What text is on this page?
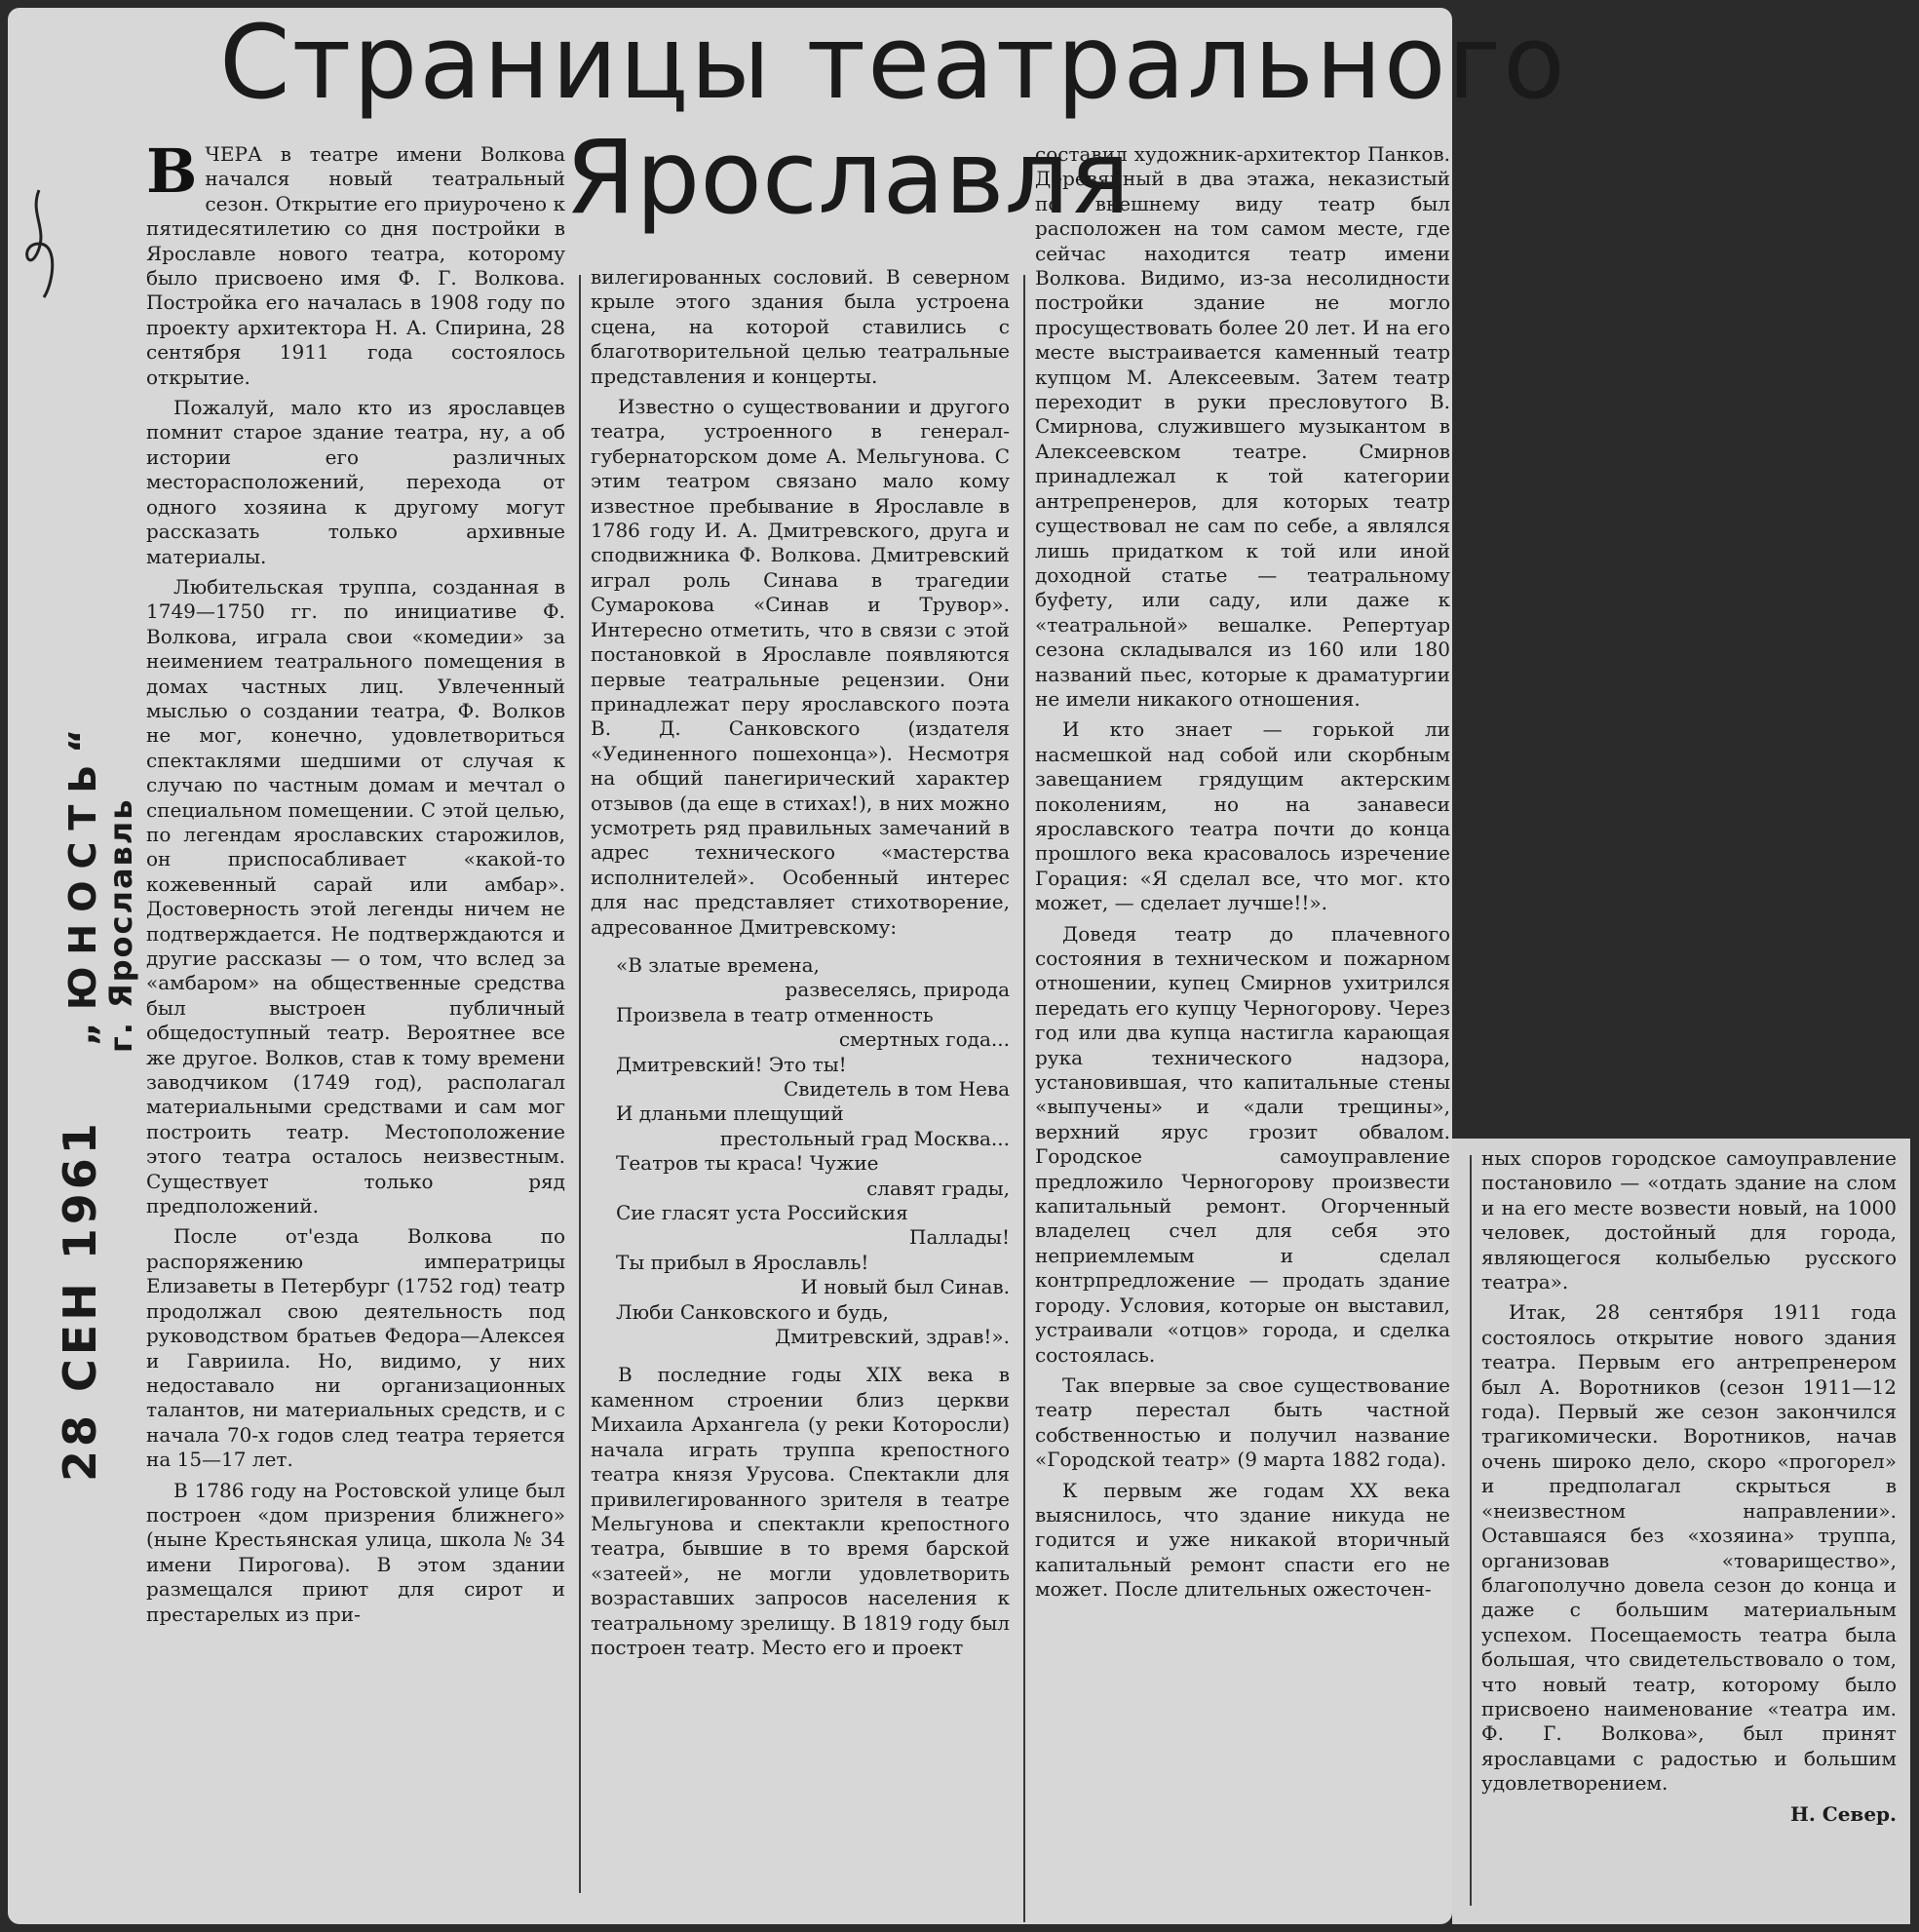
Страницы театрального
Ярославля
28 СЕН 1961 „ЮНОСТЬ“
г. Ярославль

ВЧЕРА в театре имени Волкова начался новый театральный сезон. Открытие его приурочено к пятидесятилетию со дня постройки в Ярославле нового театра, которому было присвоено имя Ф. Г. Волкова. Постройка его началась в 1908 году по проекту архитектора Н. А. Спирина, 28 сентября 1911 года состоялось открытие.

Пожалуй, мало кто из ярославцев помнит старое здание театра, ну, а об истории его различных месторасположений, перехода от одного хозяина к другому могут рассказать только архивные материалы.

Любительская труппа, созданная в 1749—1750 гг. по инициативе Ф. Волкова, играла свои «комедии» за неимением театрального помещения в домах частных лиц. Увлеченный мыслью о создании театра, Ф. Волков не мог, конечно, удовлетвориться спектаклями шедшими от случая к случаю по частным домам и мечтал о специальном помещении. С этой целью, по легендам ярославских старожилов, он приспосабливает «какой-то кожевенный сарай или амбар». Достоверность этой легенды ничем не подтверждается. Не подтверждаются и другие рассказы — о том, что вслед за «амбаром» на общественные средства был выстроен публичный общедоступный театр. Вероятнее все же другое. Волков, став к тому времени заводчиком (1749 год), располагал материальными средствами и сам мог построить театр. Местоположение этого театра осталось неизвестным. Существует только ряд предположений.

После от'езда Волкова по распоряжению императрицы Елизаветы в Петербург (1752 год) театр продолжал свою деятельность под руководством братьев Федора—Алексея и Гавриила. Но, видимо, у них недоставало ни организационных талантов, ни материальных средств, и с начала 70-х годов след театра теряется на 15—17 лет.

В 1786 году на Ростовской улице был построен «дом призрения ближнего» (ныне Крестьянская улица, школа № 34 имени Пирогова). В этом здании размещался приют для сирот и престарелых из при-

вилегированных сословий. В северном крыле этого здания была устроена сцена, на которой ставились с благотворительной целью театральные представления и концерты.

Известно о существовании и другого театра, устроенного в генерал-губернаторском доме А. Мельгунова. С этим театром связано мало кому известное пребывание в Ярославле в 1786 году И. А. Дмитревского, друга и сподвижника Ф. Волкова. Дмитревский играл роль Синава в трагедии Сумарокова «Синав и Трувор». Интересно отметить, что в связи с этой постановкой в Ярославле появляются первые театральные рецензии. Они принадлежат перу ярославского поэта В. Д. Санковского (издателя «Уединенного пошехонца»). Несмотря на общий панегирический характер отзывов (да еще в стихах!), в них можно усмотреть ряд правильных замечаний в адрес технического «мастерства исполнителей». Особенный интерес для нас представляет стихотворение, адресованное Дмитревскому:

«В златые времена,
развеселясь, природа
Произвела в театр отменность
смертных года...
Дмитревский! Это ты!
Свидетель в том Нева
И дланьми плещущий
престольный град Москва...
Театров ты краса! Чужие
славят грады,
Сие гласят уста Российския
Паллады!
Ты прибыл в Ярославль!
И новый был Синав.
Люби Санковского и будь,
Дмитревский, здрав!».

В последние годы XIX века в каменном строении близ церкви Михаила Архангела (у реки Которосли) начала играть труппа крепостного театра князя Урусова. Спектакли для привилегированного зрителя в театре Мельгунова и спектакли крепостного театра, бывшие в то время барской «затеей», не могли удовлетворить возраставших запросов населения к театральному зрелищу. В 1819 году был построен театр. Место его и проект

составил художник-архитектор Панков. Деревянный в два этажа, неказистый по внешнему виду театр был расположен на том самом месте, где сейчас находится театр имени Волкова. Видимо, из-за несолидности постройки здание не могло просуществовать более 20 лет. И на его месте выстраивается каменный театр купцом М. Алексеевым. Затем театр переходит в руки пресловутого В. Смирнова, служившего музыкантом в Алексеевском театре. Смирнов принадлежал к той категории антрепренеров, для которых театр существовал не сам по себе, а являлся лишь придатком к той или иной доходной статье — театральному буфету, или саду, или даже к «театральной» вешалке. Репертуар сезона складывался из 160 или 180 названий пьес, которые к драматургии не имели никакого отношения.

И кто знает — горькой ли насмешкой над собой или скорбным завещанием грядущим актерским поколениям, но на занавеси ярославского театра почти до конца прошлого века красовалось изречение Горация: «Я сделал все, что мог. кто может, — сделает лучше!!».

Доведя театр до плачевного состояния в техническом и пожарном отношении, купец Смирнов ухитрился передать его купцу Черногорову. Через год или два купца настигла карающая рука технического надзора, установившая, что капитальные стены «выпучены» и «дали трещины», верхний ярус грозит обвалом. Городское самоуправление предложило Черногорову произвести капитальный ремонт. Огорченный владелец счел для себя это неприемлемым и сделал контрпредложение — продать здание городу. Условия, которые он выставил, устраивали «отцов» города, и сделка состоялась.

Так впервые за свое существование театр перестал быть частной собственностью и получил название «Городской театр» (9 марта 1882 года).

К первым же годам XX века выяснилось, что здание никуда не годится и уже никакой вторичный капитальный ремонт спасти его не может. После длительных ожесточен-

ных споров городское самоуправление постановило — «отдать здание на слом и на его месте возвести новый, на 1000 человек, достойный для города, являющегося колыбелью русского театра».

Итак, 28 сентября 1911 года состоялось открытие нового здания театра. Первым его антрепренером был А. Воротников (сезон 1911—12 года). Первый же сезон закончился трагикомически. Воротников, начав очень широко дело, скоро «прогорел» и предполагал скрыться в «неизвестном направлении». Оставшаяся без «хозяина» труппа, организовав «товарищество», благополучно довела сезон до конца и даже с большим материальным успехом. Посещаемость театра была большая, что свидетельствовало о том, что новый театр, которому было присвоено наименование «театра им. Ф. Г. Волкова», был принят ярославцами с радостью и большим удовлетворением.

Н. Север.
